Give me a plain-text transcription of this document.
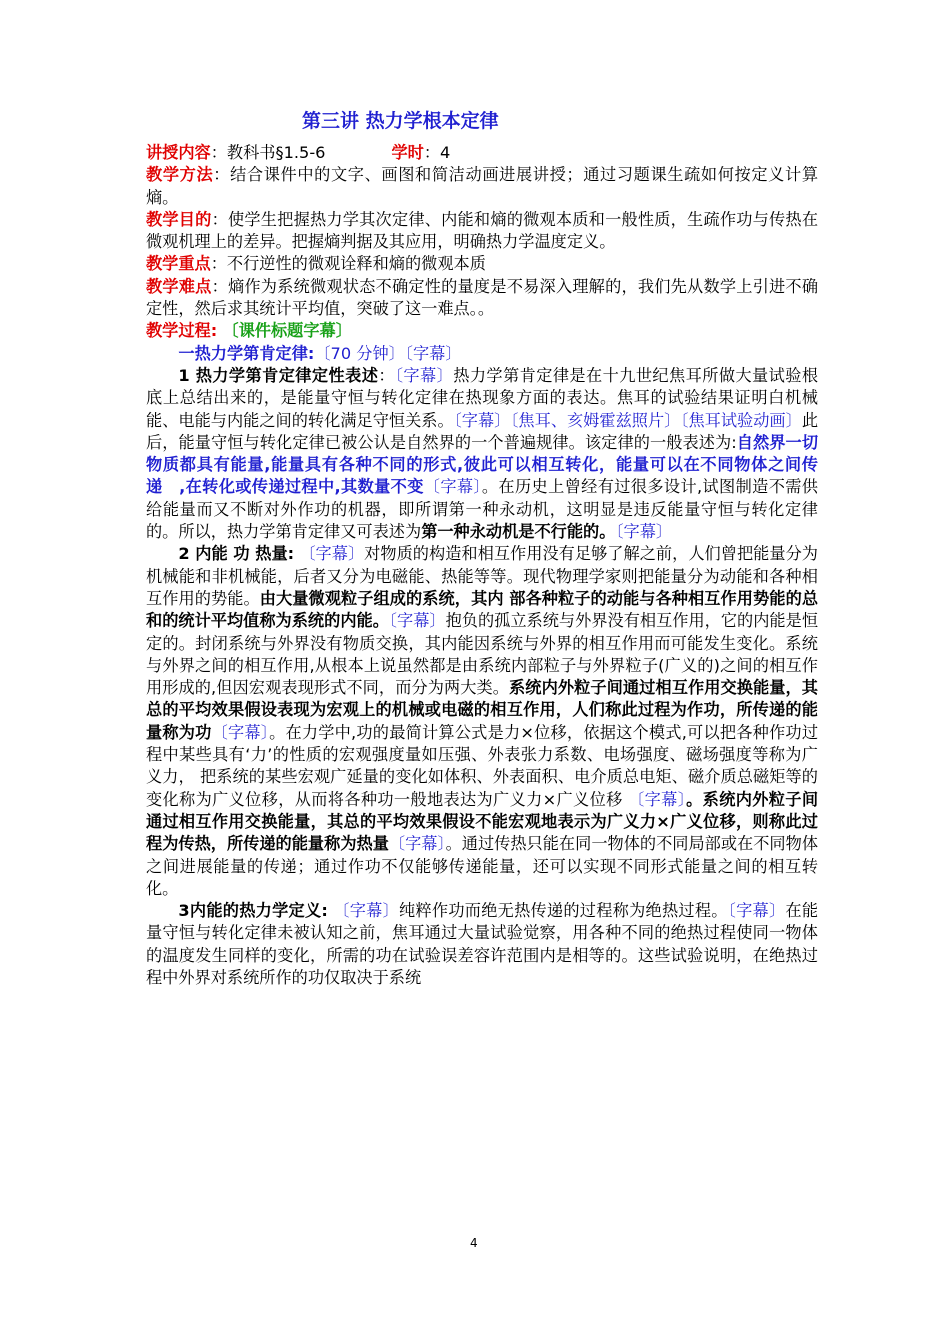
第三讲 热力学根本定律

讲授内容：教科书§1.5-6	学时：4

教学方法：结合课件中的文字、画图和简洁动画进展讲授；通过习题课生疏如何按定义计算熵。

教学目的：使学生把握热力学其次定律、内能和熵的微观本质和一般性质，生疏作功与传热在微观机理上的差异。把握熵判据及其应用，明确热力学温度定义。

教学重点：不行逆性的微观诠释和熵的微观本质

教学难点：熵作为系统微观状态不确定性的量度是不易深入理解的，我们先从数学上引进不确定性，然后求其统计平均值，突破了这一难点。。

教学过程: 〔课件标题字幕〕

一热力学第肯定律:〔70 分钟〕〔字幕〕

1 热力学第肯定律定性表述：〔字幕〕热力学第肯定律是在十九世纪焦耳所做大量试验根底上总结出来的，是能量守恒与转化定律在热现象方面的表达。焦耳的试验结果证明白机械能、电能与内能之间的转化满足守恒关系。〔字幕〕〔焦耳、亥姆霍兹照片〕〔焦耳试验动画〕此后，能量守恒与转化定律已被公认是自然界的一个普遍规律。该定律的一般表述为:自然界一切物质都具有能量,能量具有各种不同的形式,彼此可以相互转化，能量可以在不同物体之间传递　,在转化或传递过程中,其数量不变〔字幕〕。在历史上曾经有过很多设计,试图制造不需供给能量而又不断对外作功的机器，即所谓第一种永动机，这明显是违反能量守恒与转化定律的。所以，热力学第肯定律又可表述为第一种永动机是不行能的。〔字幕〕

2 内能 功 热量: 〔字幕〕对物质的构造和相互作用没有足够了解之前，人们曾把能量分为机械能和非机械能，后者又分为电磁能、热能等等。现代物理学家则把能量分为动能和各种相互作用的势能。由大量微观粒子组成的系统，其内 部各种粒子的动能与各种相互作用势能的总和的统计平均值称为系统的内能。〔字幕〕抱负的孤立系统与外界没有相互作用，它的内能是恒定的。封闭系统与外界没有物质交换，其内能因系统与外界的相互作用而可能发生变化。系统与外界之间的相互作用,从根本上说虽然都是由系统内部粒子与外界粒子(广义的)之间的相互作用形成的,但因宏观表现形式不同，而分为两大类。系统内外粒子间通过相互作用交换能量，其总的平均效果假设表现为宏观上的机械或电磁的相互作用，人们称此过程为作功，所传递的能量称为功〔字幕〕。在力学中,功的最简计算公式是力×位移，依据这个模式,可以把各种作功过程中某些具有‘力’的性质的宏观强度量如压强、外表张力系数、电场强度、磁场强度等称为广义力， 把系统的某些宏观广延量的变化如体积、外表面积、电介质总电矩、磁介质总磁矩等的变化称为广义位移，从而将各种功一般地表达为广义力×广义位移 〔字幕〕。系统内外粒子间通过相互作用交换能量，其总的平均效果假设不能宏观地表示为广义力×广义位移，则称此过程为传热，所传递的能量称为热量〔字幕〕。通过传热只能在同一物体的不同局部或在不同物体之间进展能量的传递；通过作功不仅能够传递能量，还可以实现不同形式能量之间的相互转化。

3内能的热力学定义: 〔字幕〕纯粹作功而绝无热传递的过程称为绝热过程。〔字幕〕在能量守恒与转化定律未被认知之前，焦耳通过大量试验觉察，用各种不同的绝热过程使同一物体的温度发生同样的变化，所需的功在试验误差容许范围内是相等的。这些试验说明，在绝热过程中外界对系统所作的功仅取决于系统

4
